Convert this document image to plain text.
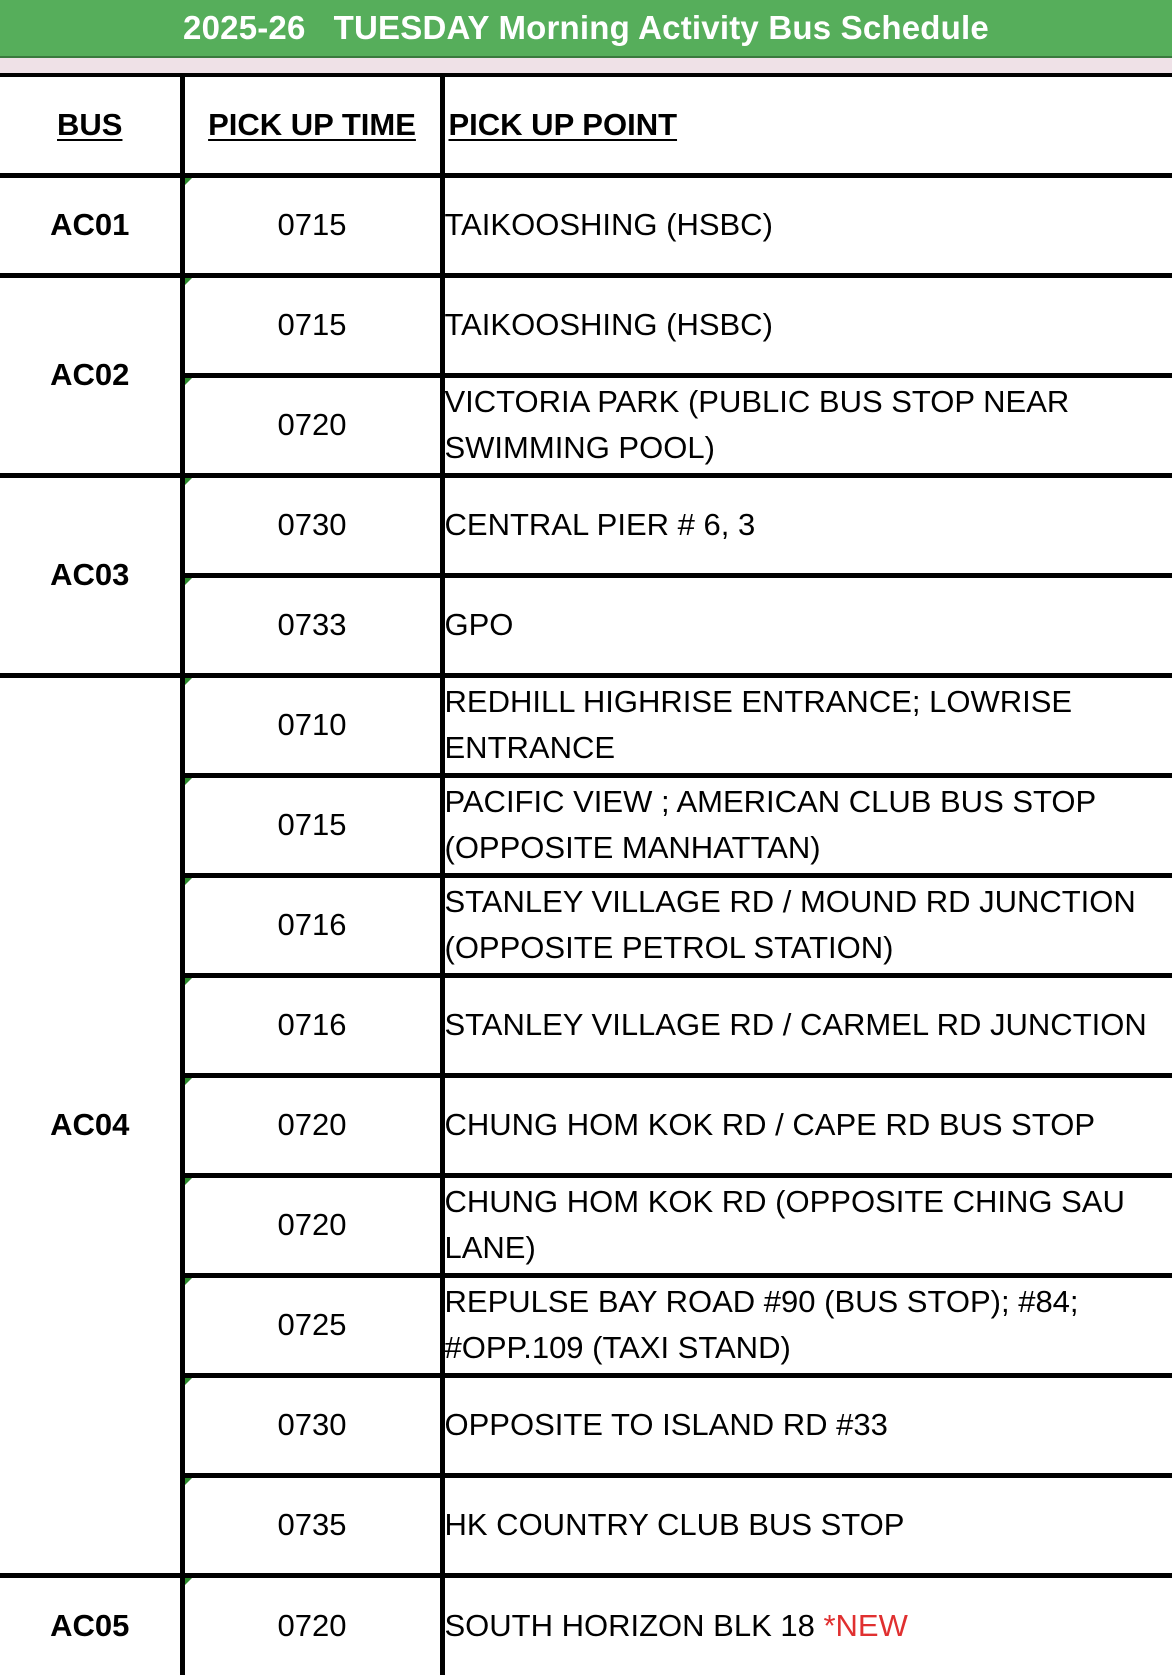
2025-26   TUESDAY Morning Activity Bus Schedule
BUS	PICK UP TIME	PICK UP POINT
AC01	0715	TAIKOOSHING (HSBC)
AC02	0715	TAIKOOSHING (HSBC)
	0720	VICTORIA PARK (PUBLIC BUS STOP NEAR SWIMMING POOL)
AC03	0730	CENTRAL PIER # 6, 3
	0733	GPO
AC04	0710	REDHILL HIGHRISE ENTRANCE; LOWRISE ENTRANCE
	0715	PACIFIC VIEW ; AMERICAN CLUB BUS STOP (OPPOSITE MANHATTAN)
	0716	STANLEY VILLAGE RD / MOUND RD JUNCTION (OPPOSITE PETROL STATION)
	0716	STANLEY VILLAGE RD / CARMEL RD JUNCTION
	0720	CHUNG HOM KOK RD / CAPE RD BUS STOP
	0720	CHUNG HOM KOK RD (OPPOSITE CHING SAU LANE)
	0725	REPULSE BAY ROAD #90 (BUS STOP); #84; #OPP.109 (TAXI STAND)
	0730	OPPOSITE TO ISLAND RD #33
	0735	HK COUNTRY CLUB BUS STOP
AC05	0720	SOUTH HORIZON BLK 18 *NEW
